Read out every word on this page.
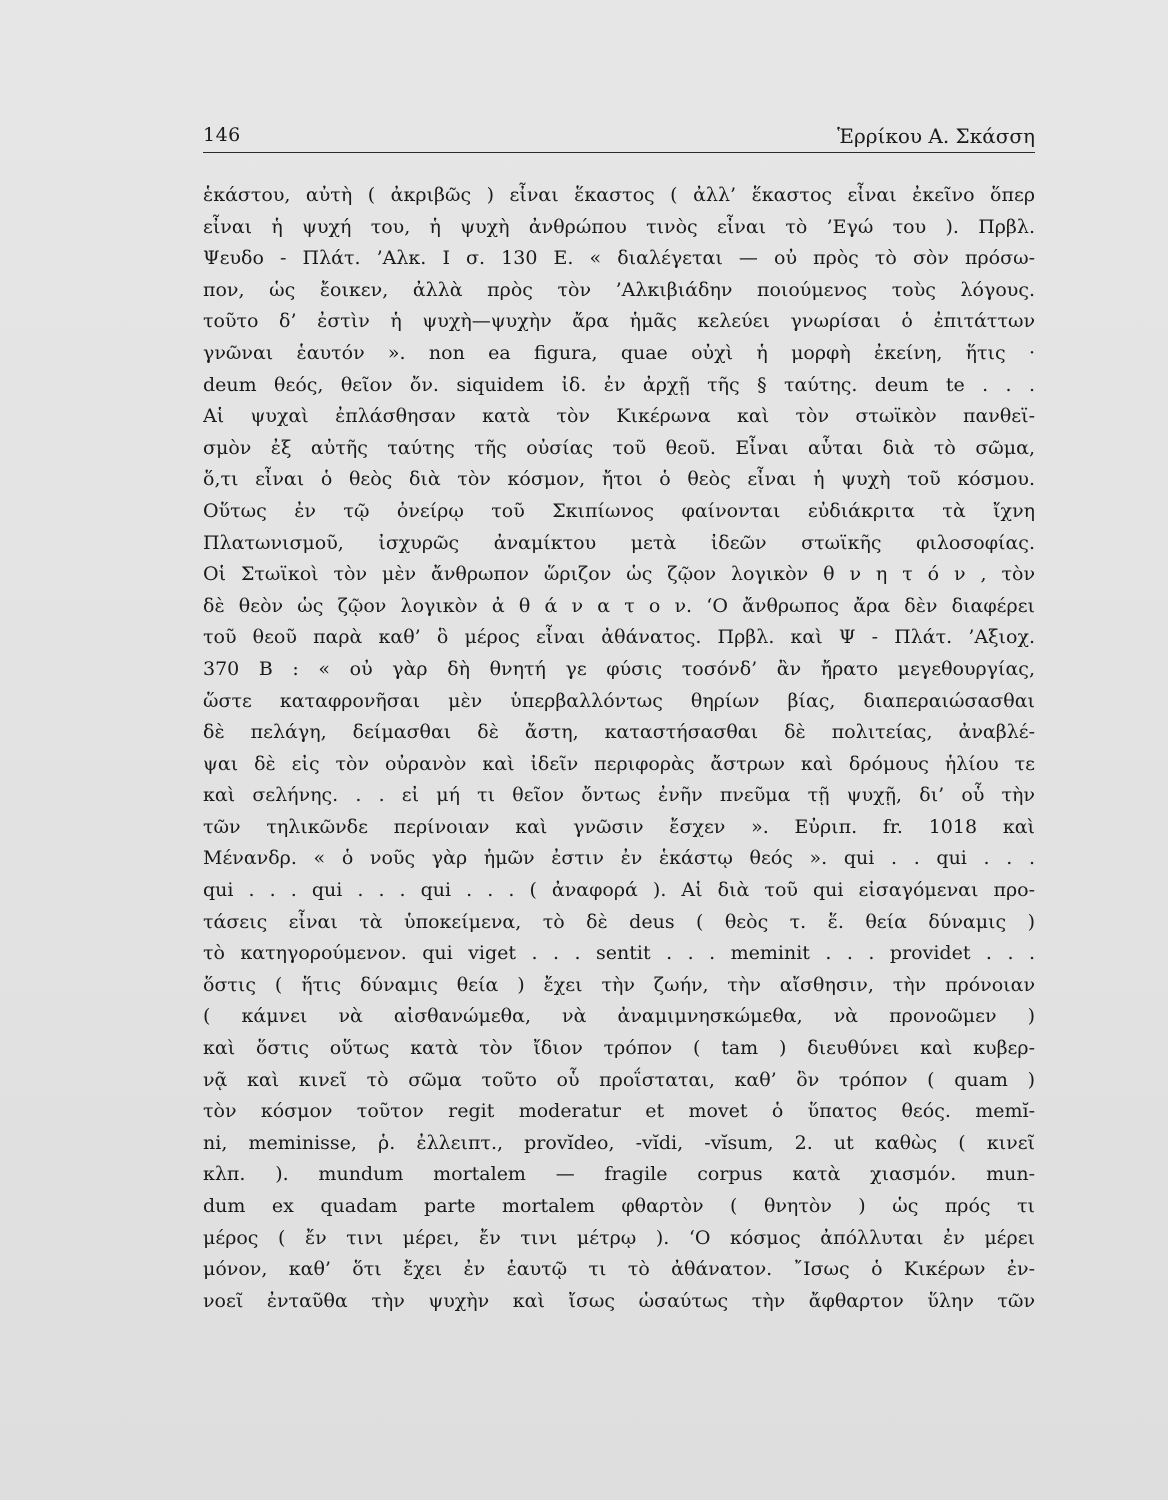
146	Ἑρρίκου Α. Σκάσση
ἑκάστου, αὐτὴ ( ἀκριβῶς ) εἶναι ἕκαστος ( ἀλλ’ ἕκαστος εἶναι ἐκεῖνο ὅπερ
εἶναι ἡ ψυχή του, ἡ ψυχὴ ἀνθρώπου τινὸς εἶναι τὸ ’Εγώ του ). Πρβλ.
Ψευδο - Πλάτ. ’Αλκ. I σ. 130 E. « διαλέγεται — οὐ πρὸς τὸ σὸν πρόσω-
πον, ὡς ἔοικεν, ἀλλὰ πρὸς τὸν ’Αλκιβιάδην ποιούμενος τοὺς λόγους.
τοῦτο δ’ ἐστὶν ἡ ψυχὴ—ψυχὴν ἄρα ἡμᾶς κελεύει γνωρίσαι ὁ ἐπιτάττων
γνῶναι ἑαυτόν ». non ea figura, quae οὐχὶ ἡ μορφὴ ἐκείνη, ἥτις ·
deum θεός, θεῖον ὄν. siquidem ἰδ. ἐν ἀρχῇ τῆς § ταύτης. deum te . . .
Αἱ ψυχαὶ ἐπλάσθησαν κατὰ τὸν Κικέρωνα καὶ τὸν στωϊκὸν πανθεϊ-
σμὸν ἐξ αὐτῆς ταύτης τῆς οὐσίας τοῦ θεοῦ. Εἶναι αὗται διὰ τὸ σῶμα,
ὅ,τι εἶναι ὁ θεὸς διὰ τὸν κόσμον, ἤτοι ὁ θεὸς εἶναι ἡ ψυχὴ τοῦ κόσμου.
Οὕτως ἐν τῷ ὀνείρῳ τοῦ Σκιπίωνος φαίνονται εὐδιάκριτα τὰ ἴχνη
Πλατωνισμοῦ, ἰσχυρῶς ἀναμίκτου μετὰ ἰδεῶν στωϊκῆς φιλοσοφίας.
Οἱ Στωϊκοὶ τὸν μὲν ἄνθρωπον ὥριζον ὡς ζῷον λογικὸν θ ν η τ ό ν , τὸν
δὲ θεὸν ὡς ζῷον λογικὸν ἀ θ ά ν α τ ο ν. ‘Ο ἄνθρωπος ἄρα δὲν διαφέρει
τοῦ θεοῦ παρὰ καθ’ ὃ μέρος εἶναι ἀθάνατος. Πρβλ. καὶ Ψ - Πλάτ. ’Αξιοχ.
370 B : « οὐ γὰρ δὴ θνητή γε φύσις τοσόνδ’ ἂν ἤρατο μεγεθουργίας,
ὥστε καταφρονῆσαι μὲν ὑπερβαλλόντως θηρίων βίας, διαπεραιώσασθαι
δὲ πελάγη, δείμασθαι δὲ ἄστη, καταστήσασθαι δὲ πολιτείας, ἀναβλέ-
ψαι δὲ εἰς τὸν οὐρανὸν καὶ ἰδεῖν περιφορὰς ἄστρων καὶ δρόμους ἡλίου τε
καὶ σελήνης. . . εἰ μή τι θεῖον ὄντως ἐνῆν πνεῦμα τῇ ψυχῇ, δι’ οὗ τὴν
τῶν τηλικῶνδε περίνοιαν καὶ γνῶσιν ἔσχεν ». Εὐριπ. fr. 1018 καὶ
Μένανδρ. « ὁ νοῦς γὰρ ἡμῶν ἐστιν ἐν ἑκάστῳ θεός ». qui . . qui . . .
qui . . . qui . . . qui . . . ( ἀναφορά ). Αἱ διὰ τοῦ qui εἰσαγόμεναι προ-
τάσεις εἶναι τὰ ὑποκείμενα, τὸ δὲ deus ( θεὸς τ. ἕ. θεία δύναμις )
τὸ κατηγορούμενον. qui viget . . . sentit . . . meminit . . . providet . . .
ὅστις ( ἥτις δύναμις θεία ) ἔχει τὴν ζωήν, τὴν αἴσθησιν, τὴν πρόνοιαν
( κάμνει νὰ αἰσθανώμεθα, νὰ ἀναμιμνησκώμεθα, νὰ προνοῶμεν )
καὶ ὅστις οὕτως κατὰ τὸν ἴδιον τρόπον ( tam ) διευθύνει καὶ κυβερ-
νᾷ καὶ κινεῖ τὸ σῶμα τοῦτο οὗ προΐσταται, καθ’ ὃν τρόπον ( quam )
τὸν κόσμον τοῦτον regit moderatur et movet ὁ ὕπατος θεός. memĭ-
ni, meminisse, ῥ. ἐλλειπτ., provĭdeo, -vĭdi, -vĭsum, 2. ut καθὼς ( κινεῖ
κλπ. ). mundum mortalem — fragile corpus κατὰ χιασμόν. mun-
dum ex quadam parte mortalem φθαρτὸν ( θνητὸν ) ὡς πρός τι
μέρος ( ἔν τινι μέρει, ἔν τινι μέτρῳ ). ‘Ο κόσμος ἀπόλλυται ἐν μέρει
μόνον, καθ’ ὅτι ἔχει ἐν ἑαυτῷ τι τὸ ἀθάνατον. ῎Ισως ὁ Κικέρων ἐν-
νοεῖ ἐνταῦθα τὴν ψυχὴν καὶ ἴσως ὡσαύτως τὴν ἄφθαρτον ὕλην τῶν
